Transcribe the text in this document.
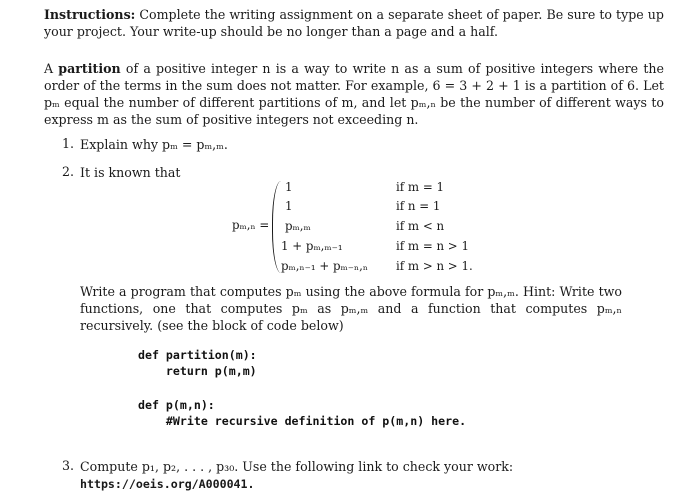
Instructions: Complete the writing assignment on a separate sheet of paper. Be sure to type up your project. Your write-up should be no longer than a page and a half.

A partition of a positive integer n is a way to write n as a sum of positive integers where the order of the terms in the sum does not matter. For example, 6 = 3 + 2 + 1 is a partition of 6. Let pₘ equal the number of different partitions of m, and let pₘ,ₙ be the number of different ways to express m as the sum of positive integers not exceeding n.

1. Explain why pₘ = pₘ,ₘ.

2. It is known that

pₘ,ₙ =
1	if m = 1
1	if n = 1
pₘ,ₘ	if m < n
1 + pₘ,ₘ₋₁	if m = n > 1
pₘ,ₙ₋₁ + pₘ₋ₙ,ₙ if m > n > 1.

Write a program that computes pₘ using the above formula for pₘ,ₘ. Hint: Write two functions, one that computes pₘ as pₘ,ₘ and a function that computes pₘ,ₙ recursively. (see the block of code below)

def partition(m):
return p(m,m)
def p(m,n):
#Write recursive definition of p(m,n) here.
3. Compute p₁, p₂, . . . , p₃₀. Use the following link to check your work: https://oeis.org/A000041.
